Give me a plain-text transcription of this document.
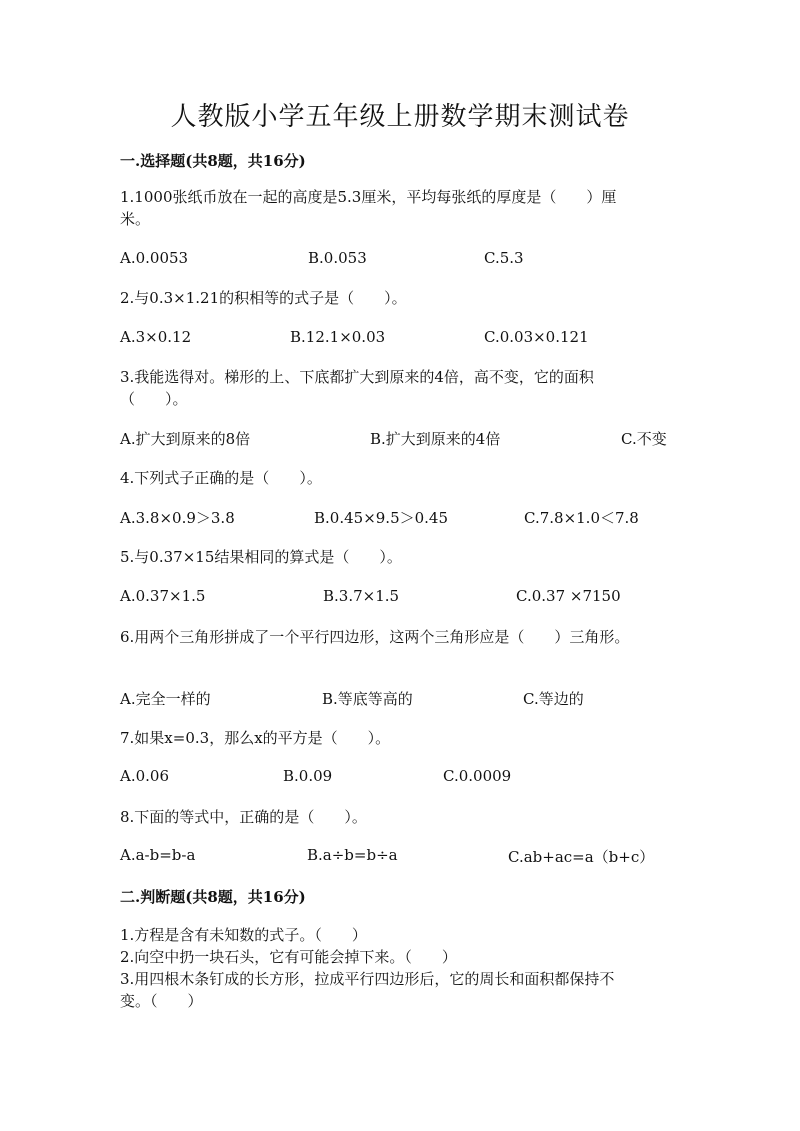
人教版小学五年级上册数学期末测试卷
一.选择题(共8题，共16分)
1.1000张纸币放在一起的高度是5.3厘米，平均每张纸的厚度是（　　）厘
米。
A.0.0053	B.0.053	C.5.3
2.与0.3×1.21的积相等的式子是（　　）。
A.3×0.12	B.12.1×0.03	C.0.03×0.121
3.我能选得对。梯形的上、下底都扩大到原来的4倍，高不变，它的面积
（　　）。
A.扩大到原来的8倍	B.扩大到原来的4倍	C.不变
4.下列式子正确的是（　　）。
A.3.8×0.9＞3.8	B.0.45×9.5＞0.45	C.7.8×1.0＜7.8
5.与0.37×15结果相同的算式是（　　）。
A.0.37×1.5	B.3.7×1.5	C.0.37 ×7150
6.用两个三角形拼成了一个平行四边形，这两个三角形应是（　　）三角形。
A.完全一样的	B.等底等高的	C.等边的
7.如果x=0.3，那么x的平方是（　　）。
A.0.06	B.0.09	C.0.0009
8.下面的等式中，正确的是（　　）。
A.a-b=b-a	B.a÷b=b÷a	C.ab+ac=a（b+c）
二.判断题(共8题，共16分)
1.方程是含有未知数的式子。（　　）
2.向空中扔一块石头，它有可能会掉下来。（　　）
3.用四根木条钉成的长方形，拉成平行四边形后，它的周长和面积都保持不
变。（　　）
